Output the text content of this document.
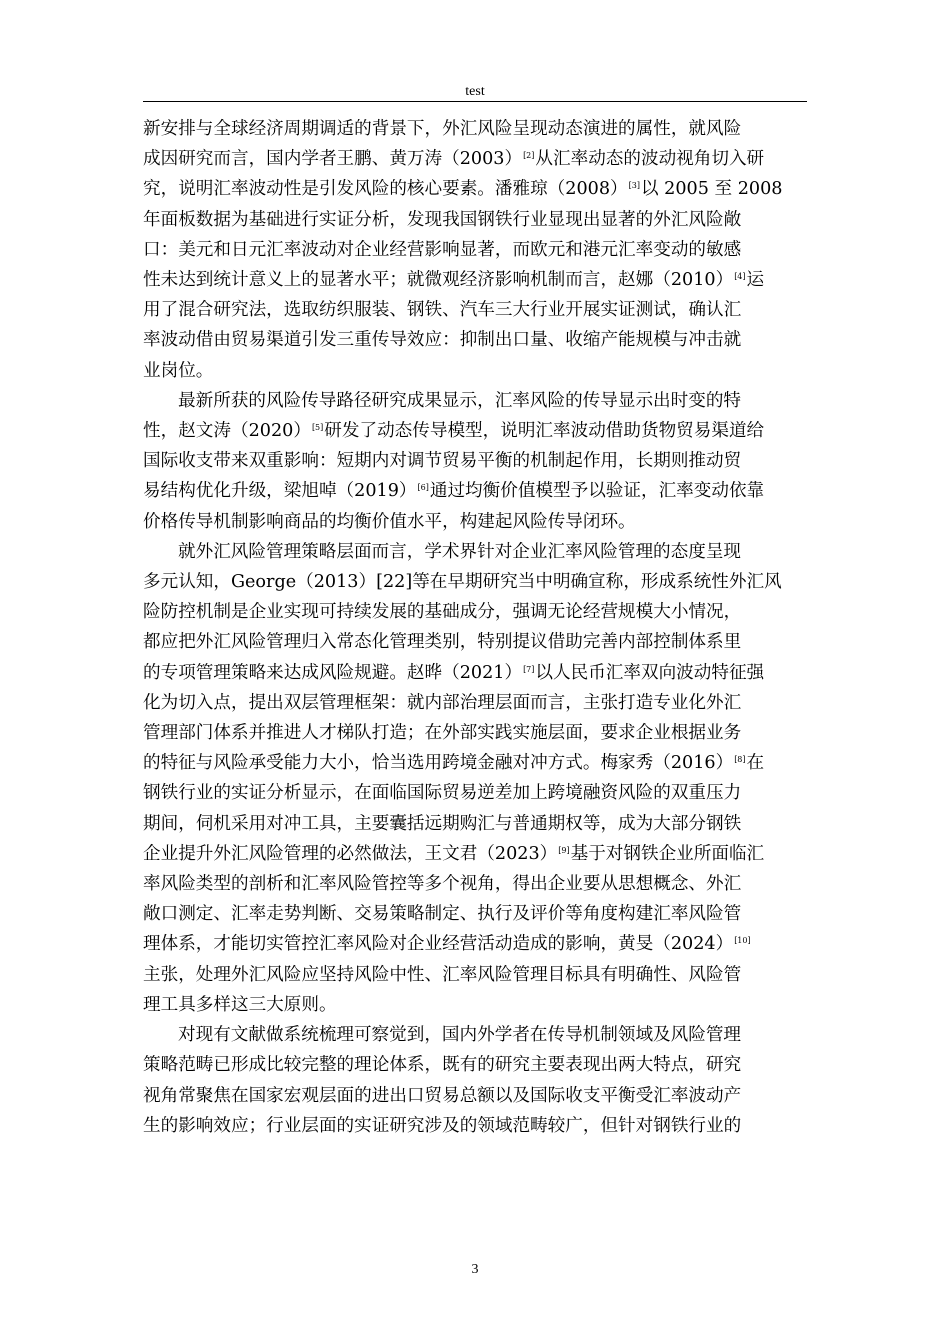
test

新安排与全球经济周期调适的背景下，外汇风险呈现动态演进的属性，就风险
成因研究而言，国内学者王鹏、黄万涛（2003）[2]从汇率动态的波动视角切入研
究，说明汇率波动性是引发风险的核心要素。潘雅琼（2008）[3]以 2005 至 2008
年面板数据为基础进行实证分析，发现我国钢铁行业显现出显著的外汇风险敞
口：美元和日元汇率波动对企业经营影响显著，而欧元和港元汇率变动的敏感
性未达到统计意义上的显著水平；就微观经济影响机制而言，赵娜（2010）[4]运
用了混合研究法，选取纺织服装、钢铁、汽车三大行业开展实证测试，确认汇
率波动借由贸易渠道引发三重传导效应：抑制出口量、收缩产能规模与冲击就
业岗位。

最新所获的风险传导路径研究成果显示，汇率风险的传导显示出时变的特
性，赵文涛（2020）[5]研发了动态传导模型，说明汇率波动借助货物贸易渠道给
国际收支带来双重影响：短期内对调节贸易平衡的机制起作用，长期则推动贸
易结构优化升级，梁旭啅（2019）[6]通过均衡价值模型予以验证，汇率变动依靠
价格传导机制影响商品的均衡价值水平，构建起风险传导闭环。

就外汇风险管理策略层面而言，学术界针对企业汇率风险管理的态度呈现
多元认知，George（2013）[22]等在早期研究当中明确宣称，形成系统性外汇风
险防控机制是企业实现可持续发展的基础成分，强调无论经营规模大小情况，
都应把外汇风险管理归入常态化管理类别，特别提议借助完善内部控制体系里
的专项管理策略来达成风险规避。赵晔（2021）[7]以人民币汇率双向波动特征强
化为切入点，提出双层管理框架：就内部治理层面而言，主张打造专业化外汇
管理部门体系并推进人才梯队打造；在外部实践实施层面，要求企业根据业务
的特征与风险承受能力大小，恰当选用跨境金融对冲方式。梅家秀（2016）[8]在
钢铁行业的实证分析显示，在面临国际贸易逆差加上跨境融资风险的双重压力
期间，伺机采用对冲工具，主要囊括远期购汇与普通期权等，成为大部分钢铁
企业提升外汇风险管理的必然做法，王文君（2023）[9]基于对钢铁企业所面临汇
率风险类型的剖析和汇率风险管控等多个视角，得出企业要从思想概念、外汇
敞口测定、汇率走势判断、交易策略制定、执行及评价等角度构建汇率风险管
理体系，才能切实管控汇率风险对企业经营活动造成的影响，黄旻（2024）[10]
主张，处理外汇风险应坚持风险中性、汇率风险管理目标具有明确性、风险管
理工具多样这三大原则。

对现有文献做系统梳理可察觉到，国内外学者在传导机制领域及风险管理
策略范畴已形成比较完整的理论体系，既有的研究主要表现出两大特点，研究
视角常聚焦在国家宏观层面的进出口贸易总额以及国际收支平衡受汇率波动产
生的影响效应；行业层面的实证研究涉及的领域范畴较广，但针对钢铁行业的

3
